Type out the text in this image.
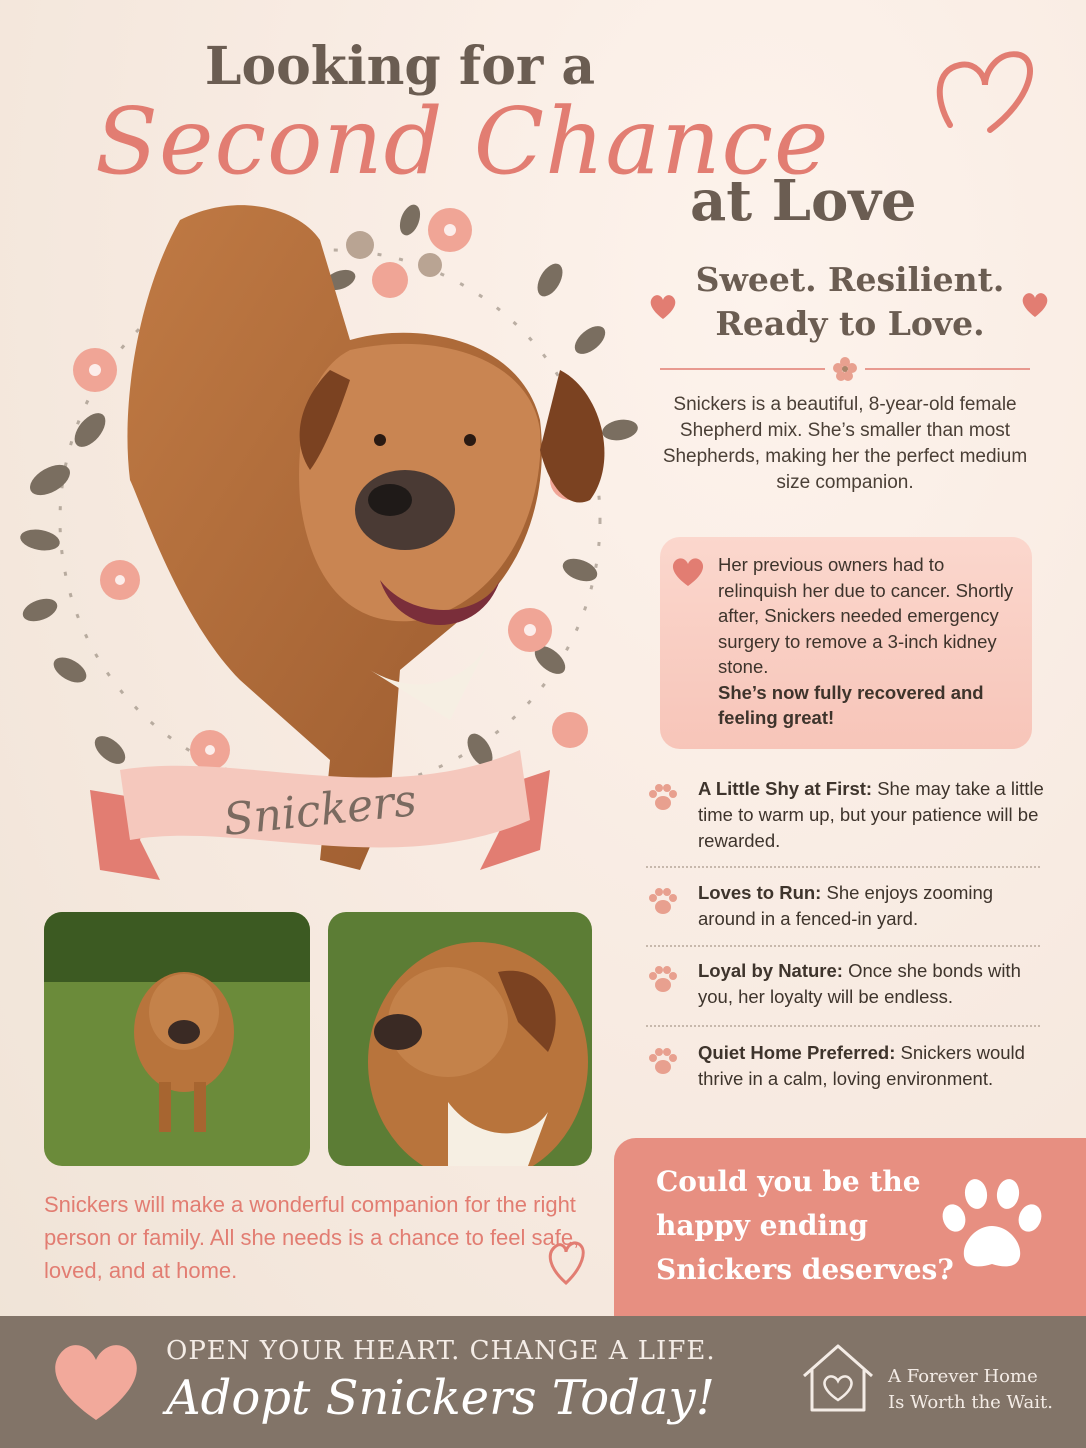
Looking for a
Second Chance
at Love
Snickers
Snickers will make a wonderful companion for the right person or family. All she needs is a chance to feel safe, loved, and at home.
Sweet. Resilient.
Ready to Love.
Snickers is a beautiful, 8-year-old female Shepherd mix. She’s smaller than most Shepherds, making her the perfect medium size companion.
Her previous owners had to relinquish her due to cancer. Shortly after, Snickers needed emergency surgery to remove a 3-inch kidney stone.
She’s now fully recovered and feeling great!
A Little Shy at First: She may take a little time to warm up, but your patience will be rewarded.
Loves to Run: She enjoys zooming around in a fenced-in yard.
Loyal by Nature: Once she bonds with you, her loyalty will be endless.
Quiet Home Preferred: Snickers would thrive in a calm, loving environment.
Could you be the
happy ending
Snickers deserves?
OPEN YOUR HEART. CHANGE A LIFE.
Adopt Snickers Today!	A Forever Home
Is Worth the Wait.
